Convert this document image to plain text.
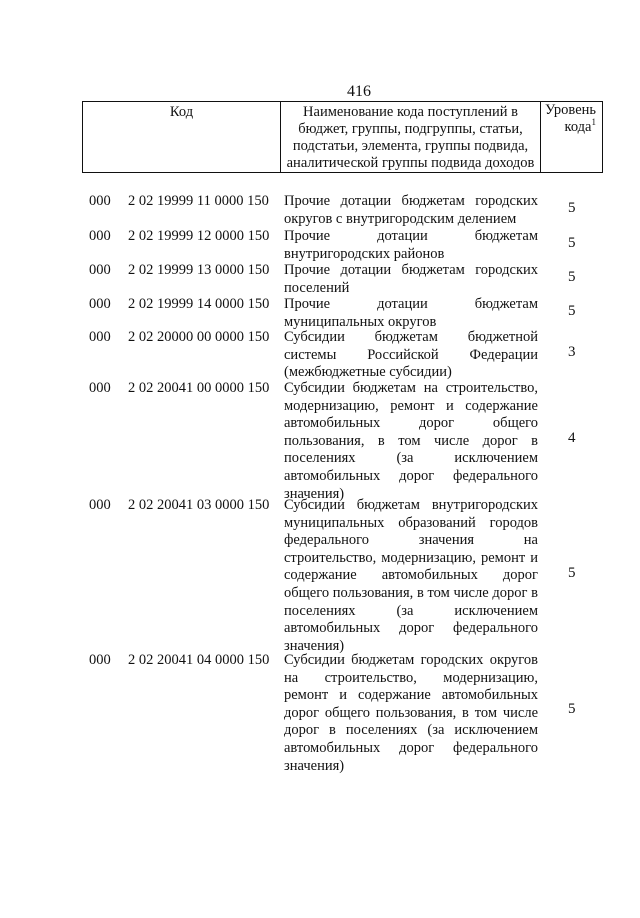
416
Код	Наименование кода поступлений в
бюджет, группы, подгруппы, статьи,
подстатьи, элемента, группы подвида,
аналитической группы подвида доходов
Уровень
кода$^1$
000 2 02 19999 11 0000 150 Прочие дотации бюджетам городских
округов с внутригородским делением
5
000 2 02 19999 12 0000 150 Прочие дотации бюджетам
внутригородских районов
5
000 2 02 19999 13 0000 150 Прочие дотации бюджетам городских
поселений
5
000 2 02 19999 14 0000 150 Прочие дотации бюджетам
муниципальных округов
5
000 2 02 20000 00 0000 150 Субсидии бюджетам бюджетной
системы Российской Федерации
(межбюджетные субсидии)
3
000 2 02 20041 00 0000 150 Субсидии бюджетам на строительство,
модернизацию, ремонт и содержание
автомобильных дорог общего
пользования, в том числе дорог в
поселениях (за исключением
автомобильных дорог федерального
значения)
4
000 2 02 20041 03 0000 150 Субсидии бюджетам внутригородских
муниципальных образований городов
федерального значения на
строительство, модернизацию, ремонт и
содержание автомобильных дорог
общего пользования, в том числе дорог в
поселениях (за исключением
автомобильных дорог федерального
значения)
5
000 2 02 20041 04 0000 150 Субсидии бюджетам городских округов
на строительство, модернизацию,
ремонт и содержание автомобильных
дорог общего пользования, в том числе
дорог в поселениях (за исключением
автомобильных дорог федерального
значения)
5
